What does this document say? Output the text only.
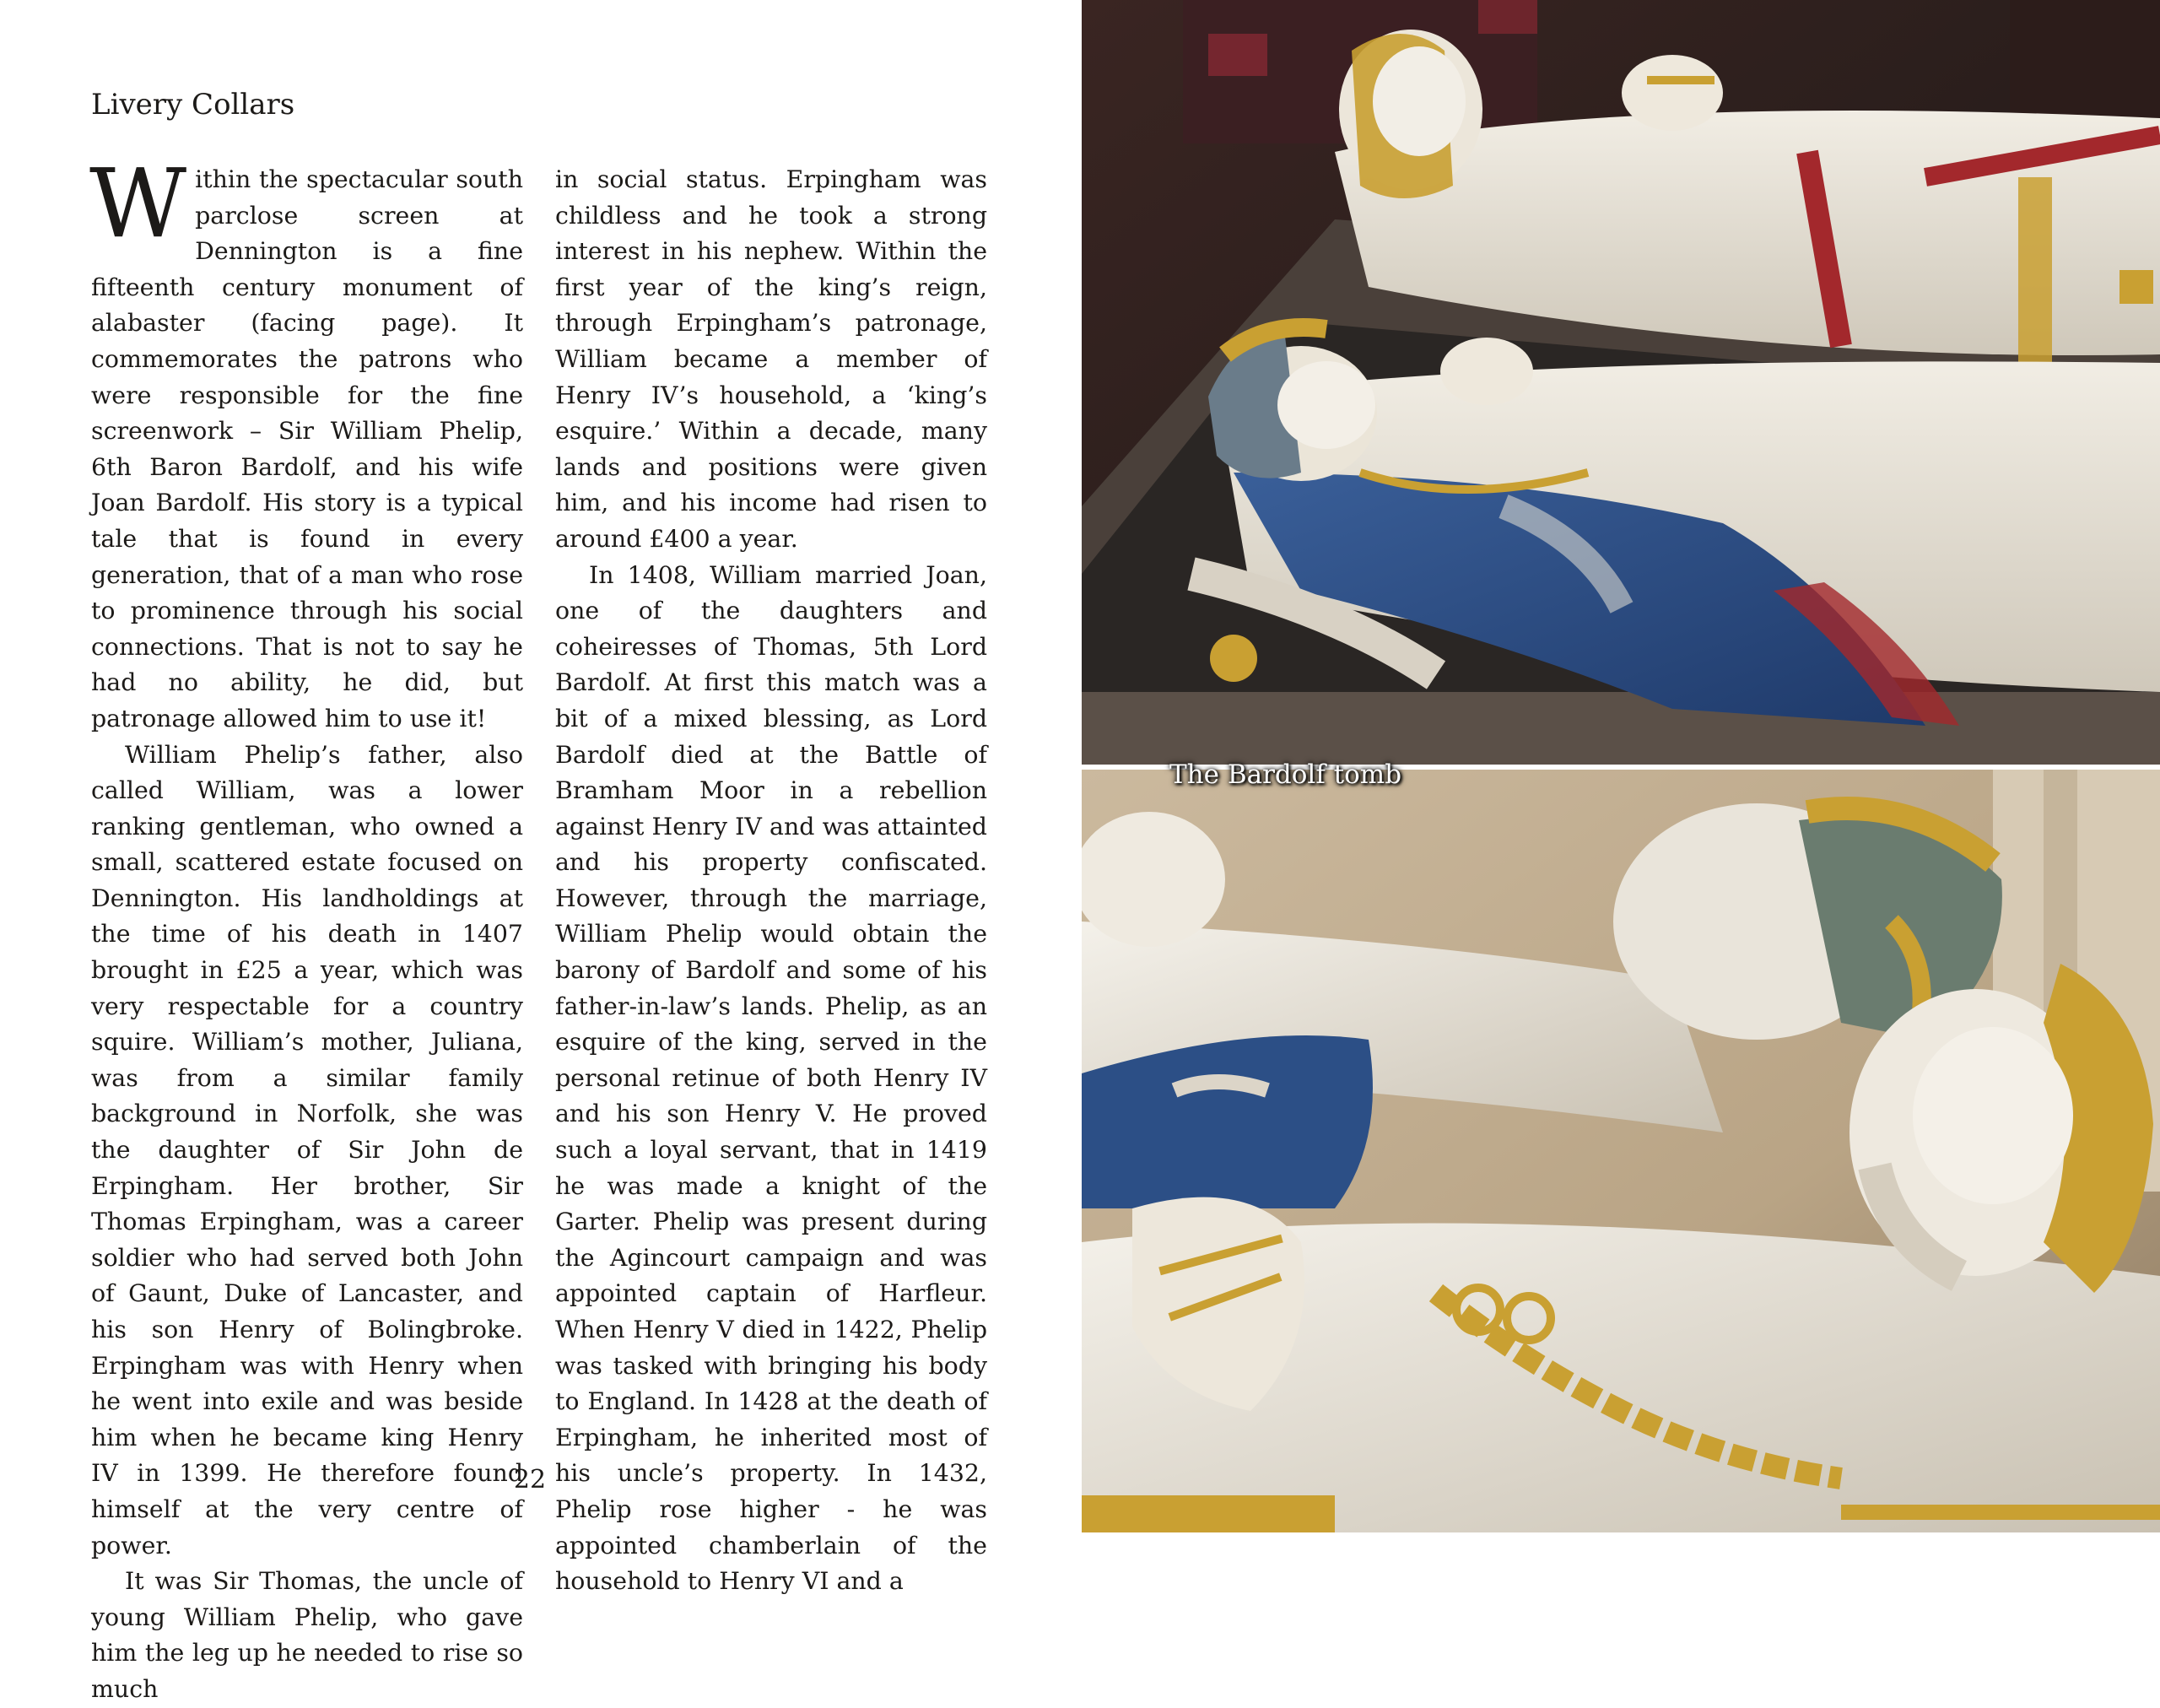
Livery Collars

Within the spectacular south parclose screen at Dennington is a fine fifteenth century monument of alabaster (facing page). It commemorates the patrons who were responsible for the fine screenwork – Sir William Phelip, 6th Baron Bardolf, and his wife Joan Bardolf. His story is a typical tale that is found in every generation, that of a man who rose to prominence through his social connections. That is not to say he had no ability, he did, but patronage allowed him to use it!

William Phelip’s father, also called William, was a lower ranking gentleman, who owned a small, scattered estate focused on Dennington. His landholdings at the time of his death in 1407 brought in £25 a year, which was very respectable for a country squire. William’s mother, Juliana, was from a similar family background in Norfolk, she was the daughter of Sir John de Erpingham. Her brother, Sir Thomas Erpingham, was a career soldier who had served both John of Gaunt, Duke of Lancaster, and his son Henry of Bolingbroke. Erpingham was with Henry when he went into exile and was beside him when he became king Henry IV in 1399. He therefore found himself at the very centre of power.

It was Sir Thomas, the uncle of young William Phelip, who gave him the leg up he needed to rise so much

in social status. Erpingham was childless and he took a strong interest in his nephew. Within the first year of the king’s reign, through Erpingham’s patronage, William became a member of Henry IV’s household, a ‘king’s esquire.’ Within a decade, many lands and positions were given him, and his income had risen to around £400 a year.

In 1408, William married Joan, one of the daughters and coheiresses of Thomas, 5th Lord Bardolf. At first this match was a bit of a mixed blessing, as Lord Bardolf died at the Battle of Bramham Moor in a rebellion against Henry IV and was attainted and his property confiscated. However, through the marriage, William Phelip would obtain the barony of Bardolf and some of his father-in-law’s lands. Phelip, as an esquire of the king, served in the personal retinue of both Henry IV and his son Henry V. He proved such a loyal servant, that in 1419 he was made a knight of the Garter. Phelip was present during the Agincourt campaign and was appointed captain of Harfleur. When Henry V died in 1422, Phelip was tasked with bringing his body to England. In 1428 at the death of Erpingham, he inherited most of his uncle’s property. In 1432, Phelip rose higher - he was appointed chamberlain of the household to Henry VI and a

22
The Bardolf tomb
